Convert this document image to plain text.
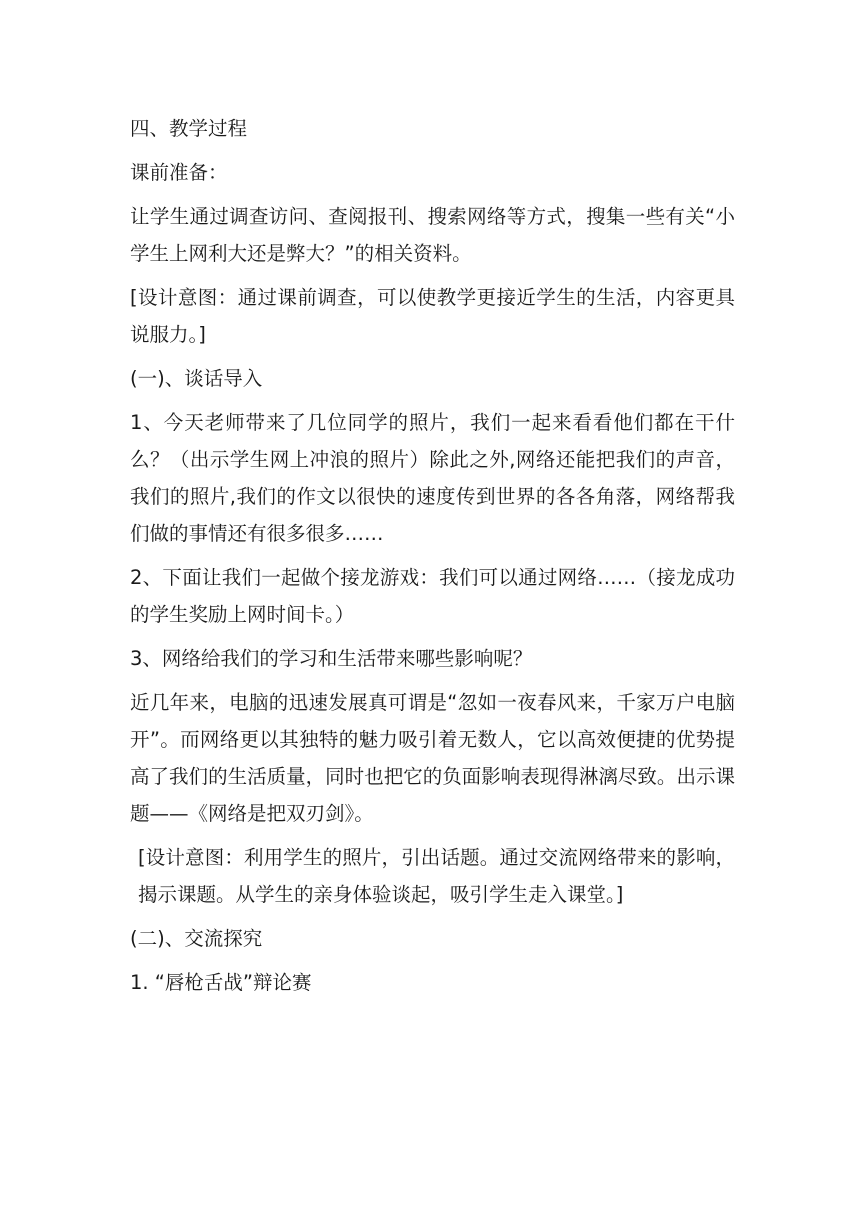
四、教学过程

课前准备：

让学生通过调查访问、查阅报刊、搜索网络等方式，搜集一些有关“小学生上网利大还是弊大？”的相关资料。

[设计意图：通过课前调查，可以使教学更接近学生的生活，内容更具说服力。]

(一)、谈话导入

1、今天老师带来了几位同学的照片，我们一起来看看他们都在干什么？（出示学生网上冲浪的照片）除此之外,网络还能把我们的声音，我们的照片,我们的作文以很快的速度传到世界的各各角落，网络帮我们做的事情还有很多很多……

2、下面让我们一起做个接龙游戏：我们可以通过网络……（接龙成功的学生奖励上网时间卡。）

3、网络给我们的学习和生活带来哪些影响呢？

近几年来，电脑的迅速发展真可谓是“忽如一夜春风来，千家万户电脑开”。而网络更以其独特的魅力吸引着无数人，它以高效便捷的优势提高了我们的生活质量，同时也把它的负面影响表现得淋漓尽致。出示课题——《网络是把双刃剑》。

[设计意图：利用学生的照片，引出话题。通过交流网络带来的影响，揭示课题。从学生的亲身体验谈起，吸引学生走入课堂。]

(二)、交流探究

1. “唇枪舌战”辩论赛
